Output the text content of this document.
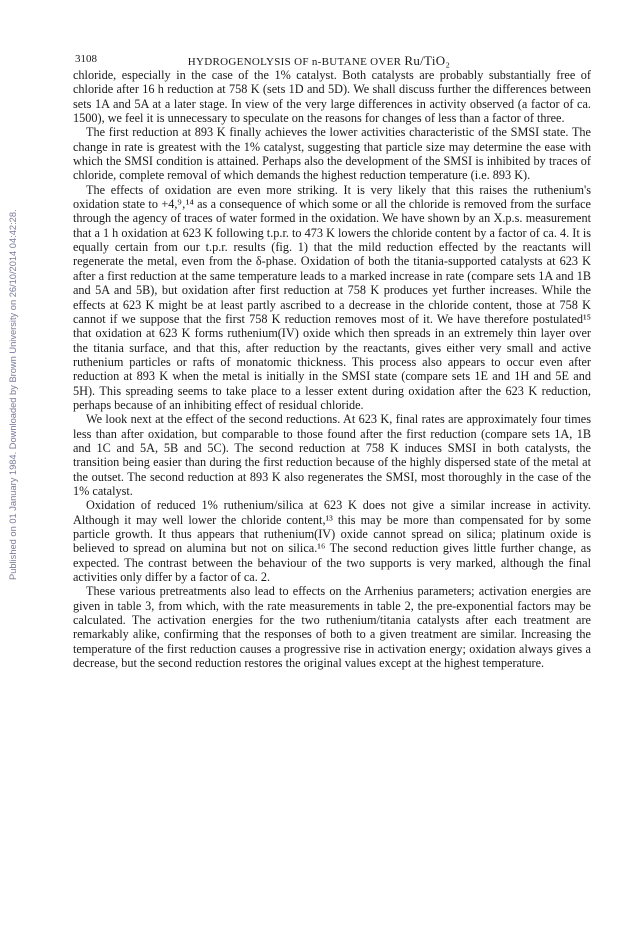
Published on 01 January 1984. Downloaded by Brown University on 26/10/2014 04:42:28.
3108	HYDROGENOLYSIS OF n-BUTANE OVER Ru/TiO₂

chloride, especially in the case of the 1% catalyst. Both catalysts are probably substantially free of chloride after 16 h reduction at 758 K (sets 1D and 5D). We shall discuss further the differences between sets 1A and 5A at a later stage. In view of the very large differences in activity observed (a factor of ca. 1500), we feel it is unnecessary to speculate on the reasons for changes of less than a factor of three.

The first reduction at 893 K finally achieves the lower activities characteristic of the SMSI state. The change in rate is greatest with the 1% catalyst, suggesting that particle size may determine the ease with which the SMSI condition is attained. Perhaps also the development of the SMSI is inhibited by traces of chloride, complete removal of which demands the highest reduction temperature (i.e. 893 K).

The effects of oxidation are even more striking. It is very likely that this raises the ruthenium's oxidation state to +4,⁹‚¹⁴ as a consequence of which some or all the chloride is removed from the surface through the agency of traces of water formed in the oxidation. We have shown by an X.p.s. measurement that a 1 h oxidation at 623 K following t.p.r. to 473 K lowers the chloride content by a factor of ca. 4. It is equally certain from our t.p.r. results (fig. 1) that the mild reduction effected by the reactants will regenerate the metal, even from the δ-phase. Oxidation of both the titania-supported catalysts at 623 K after a first reduction at the same temperature leads to a marked increase in rate (compare sets 1A and 1B and 5A and 5B), but oxidation after first reduction at 758 K produces yet further increases. While the effects at 623 K might be at least partly ascribed to a decrease in the chloride content, those at 758 K cannot if we suppose that the first 758 K reduction removes most of it. We have therefore postulated¹⁵ that oxidation at 623 K forms ruthenium(IV) oxide which then spreads in an extremely thin layer over the titania surface, and that this, after reduction by the reactants, gives either very small and active ruthenium particles or rafts of monatomic thickness. This process also appears to occur even after reduction at 893 K when the metal is initially in the SMSI state (compare sets 1E and 1H and 5E and 5H). This spreading seems to take place to a lesser extent during oxidation after the 623 K reduction, perhaps because of an inhibiting effect of residual chloride.

We look next at the effect of the second reductions. At 623 K, final rates are approximately four times less than after oxidation, but comparable to those found after the first reduction (compare sets 1A, 1B and 1C and 5A, 5B and 5C). The second reduction at 758 K induces SMSI in both catalysts, the transition being easier than during the first reduction because of the highly dispersed state of the metal at the outset. The second reduction at 893 K also regenerates the SMSI, most thoroughly in the case of the 1% catalyst.

Oxidation of reduced 1% ruthenium/silica at 623 K does not give a similar increase in activity. Although it may well lower the chloride content,¹³ this may be more than compensated for by some particle growth. It thus appears that ruthenium(IV) oxide cannot spread on silica; platinum oxide is believed to spread on alumina but not on silica.¹⁶ The second reduction gives little further change, as expected. The contrast between the behaviour of the two supports is very marked, although the final activities only differ by a factor of ca. 2.

These various pretreatments also lead to effects on the Arrhenius parameters; activation energies are given in table 3, from which, with the rate measurements in table 2, the pre-exponential factors may be calculated. The activation energies for the two ruthenium/titania catalysts after each treatment are remarkably alike, confirming that the responses of both to a given treatment are similar. Increasing the temperature of the first reduction causes a progressive rise in activation energy; oxidation always gives a decrease, but the second reduction restores the original values except at the highest temperature.
